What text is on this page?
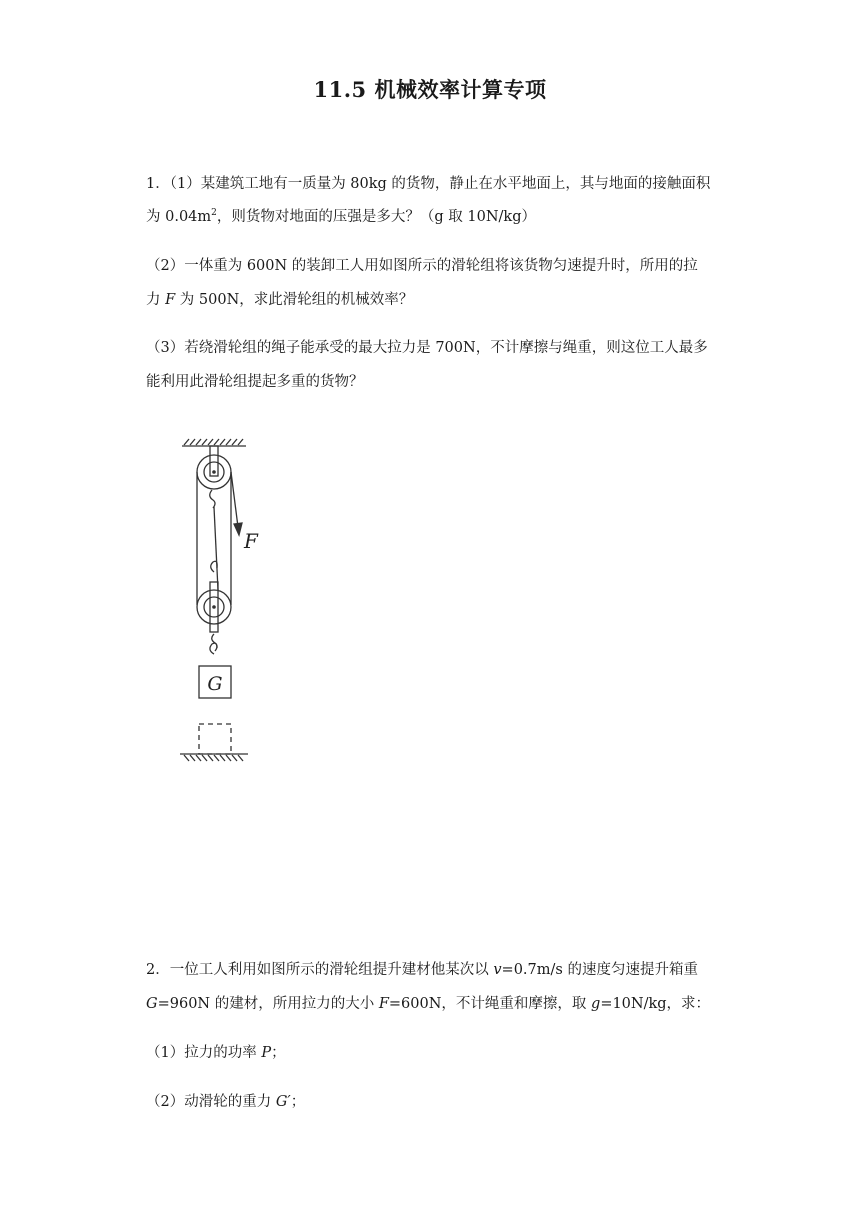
11.5 机械效率计算专项
1．（1）某建筑工地有一质量为 80kg 的货物，静止在水平地面上，其与地面的接触面积
为 $0.04m^2$，则货物对地面的压强是多大？（g 取 10N/kg）
（2）一体重为 600N 的装卸工人用如图所示的滑轮组将该货物匀速提升时，所用的拉
力 F 为 500N，求此滑轮组的机械效率？
（3）若绕滑轮组的绳子能承受的最大拉力是 700N，不计摩擦与绳重，则这位工人最多
能利用此滑轮组提起多重的货物？
F
G
2．一位工人利用如图所示的滑轮组提升建材他某次以 v=0.7m/s 的速度匀速提升箱重
G=960N 的建材，所用拉力的大小 F=600N，不计绳重和摩擦，取 g=10N/kg，求：
（1）拉力的功率 P；
（2）动滑轮的重力 G′；
